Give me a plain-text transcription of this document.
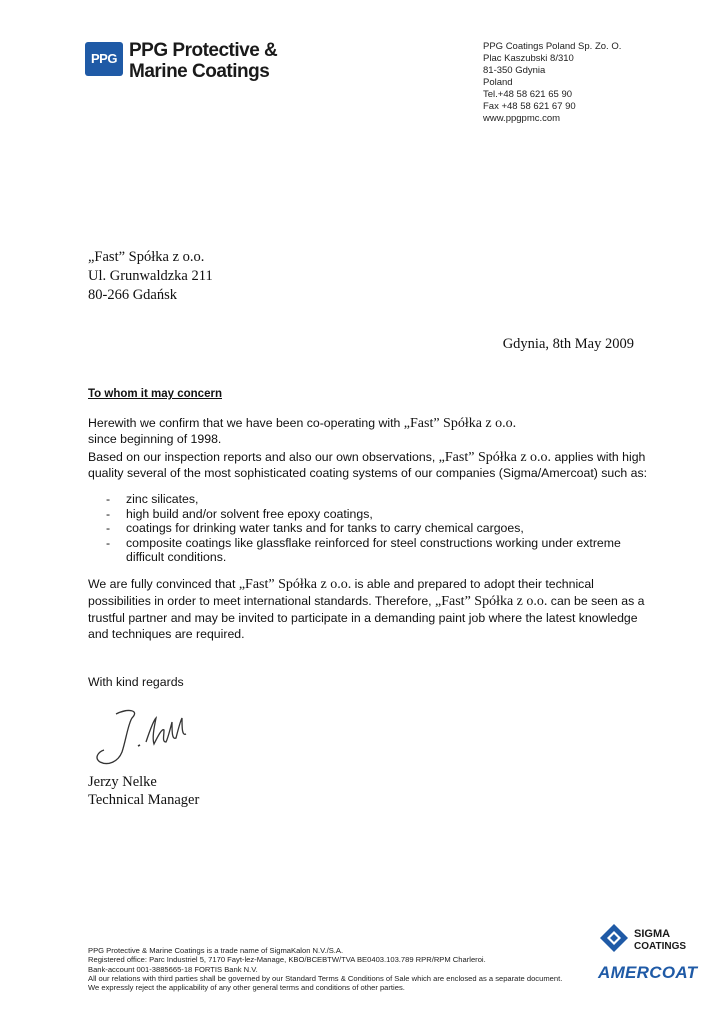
PPG PPG Protective &
Marine Coatings
PPG Coatings Poland Sp. Zo. O.
Plac Kaszubski 8/310
81-350 Gdynia
Poland
Tel.+48 58 621 65 90
Fax +48 58 621 67 90
www.ppgpmc.com
„Fast” Spółka z o.o.
Ul. Grunwaldzka 211
80-266 Gdańsk
Gdynia, 8th May 2009
To whom it may concern
Herewith we confirm that we have been co-operating with „Fast” Spółka z o.o.
since beginning of 1998.
Based on our inspection reports and also our own observations, „Fast” Spółka z o.o. applies with high quality several of the most sophisticated coating systems of our companies (Sigma/Amercoat) such as:
- zinc silicates,
- high build and/or solvent free epoxy coatings,
- coatings for drinking water tanks and for tanks to carry chemical cargoes,
- composite coatings like glassflake reinforced for steel constructions working under extreme difficult conditions.
We are fully convinced that „Fast” Spółka z o.o. is able and prepared to adopt their technical possibilities in order to meet international standards. Therefore, „Fast” Spółka z o.o. can be seen as a trustful partner and may be invited to participate in a demanding paint job where the latest knowledge and techniques are required.
With kind regards
Jerzy Nelke
Technical Manager
PPG Protective & Marine Coatings is a trade name of SigmaKalon N.V./S.A.
Registered office: Parc Industriel 5, 7170 Fayt-lez-Manage, KBO/BCEBTW/TVA BE0403.103.789 RPR/RPM Charleroi.
Bank-account 001-3885665-18 FORTIS Bank N.V.
All our relations with third parties shall be governed by our Standard Terms & Conditions of Sale which are enclosed as a separate document.
We expressly reject the applicability of any other general terms and conditions of other parties.
SIGMA
COATINGS
AMERCOAT
